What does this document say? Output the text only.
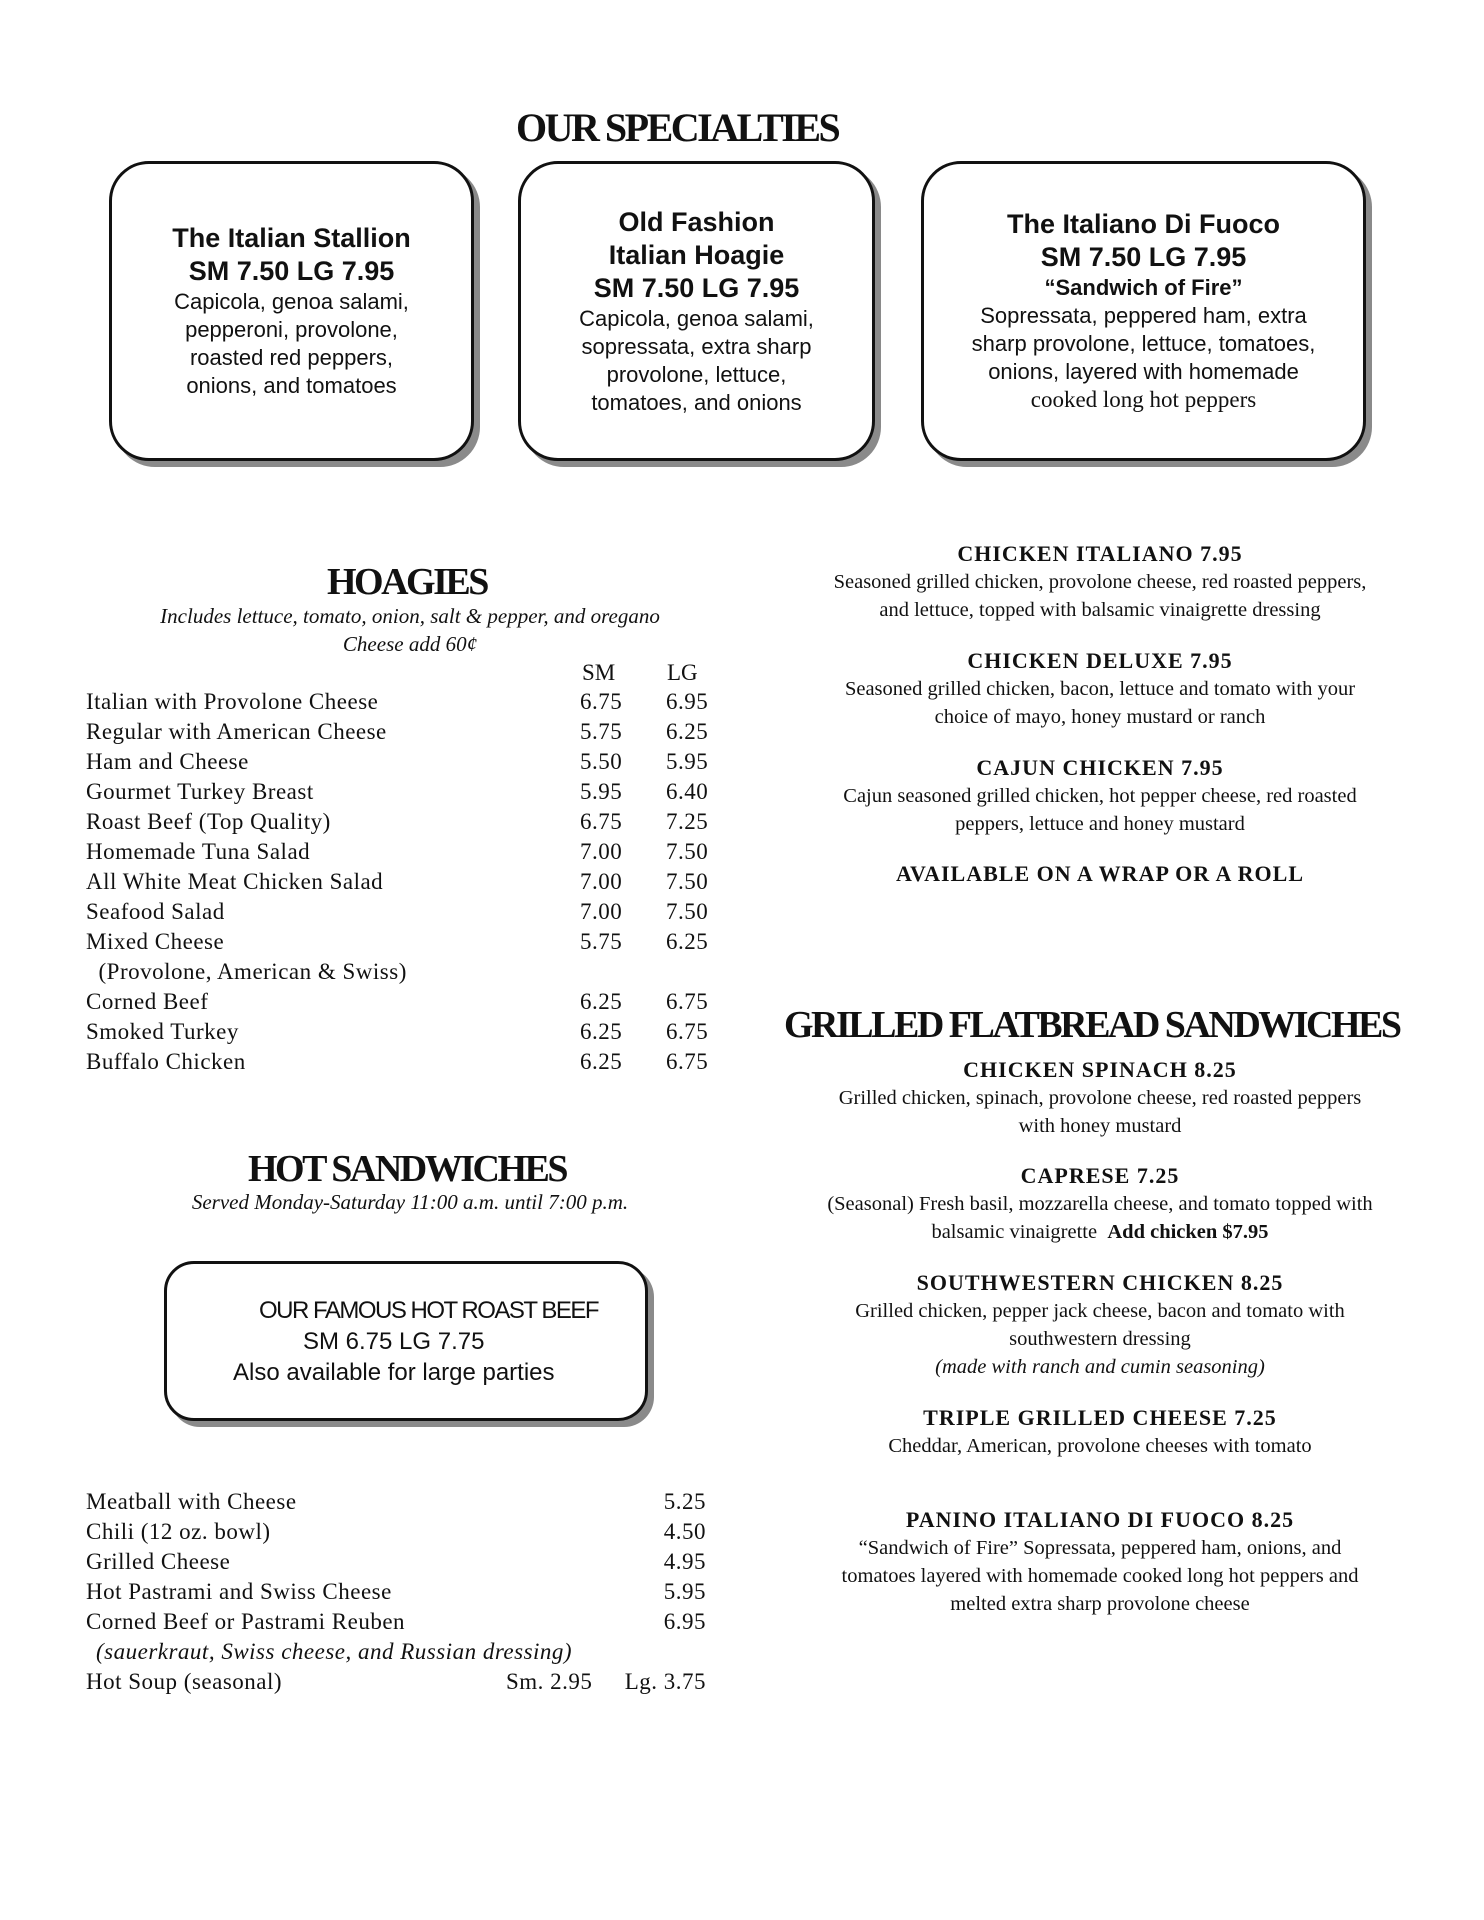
OUR SPECIALTIES
The Italian Stallion
SM 7.50 LG 7.95
Capicola, genoa salami,
pepperoni, provolone,
roasted red peppers,
onions, and tomatoes
Old Fashion
Italian Hoagie
SM 7.50 LG 7.95
Capicola, genoa salami,
sopressata, extra sharp
provolone, lettuce,
tomatoes, and onions
The Italiano Di Fuoco
SM 7.50 LG 7.95
“Sandwich of Fire”
Sopressata, peppered ham, extra
sharp provolone, lettuce, tomatoes,
onions, layered with homemade
cooked long hot peppers
HOAGIES
Includes lettuce, tomato, onion, salt & pepper, and oregano
Cheese add 60¢
SM LG
Italian with Provolone Cheese	6.75 6.95
Regular with American Cheese	5.75 6.25
Ham and Cheese	5.50 5.95
Gourmet Turkey Breast	5.95 6.40
Roast Beef (Top Quality)	6.75 7.25
Homemade Tuna Salad	7.00 7.50
All White Meat Chicken Salad	7.00 7.50
Seafood Salad	7.00 7.50
Mixed Cheese	5.75 6.25
(Provolone, American & Swiss)
Corned Beef	6.25 6.75
Smoked Turkey	6.25 6.75
Buffalo Chicken	6.25 6.75
HOT SANDWICHES
Served Monday-Saturday 11:00 a.m. until 7:00 p.m.
OUR FAMOUS HOT ROAST BEEF
SM 6.75 LG 7.75
Also available for large parties
Meatball with Cheese	5.25
Chili (12 oz. bowl)	4.50
Grilled Cheese	4.95
Hot Pastrami and Swiss Cheese	5.95
Corned Beef or Pastrami Reuben	6.95
(sauerkraut, Swiss cheese, and Russian dressing)
Hot Soup (seasonal)	Sm. 2.95 Lg. 3.75
CHICKEN ITALIANO 7.95
Seasoned grilled chicken, provolone cheese, red roasted peppers,
and lettuce, topped with balsamic vinaigrette dressing
CHICKEN DELUXE 7.95
Seasoned grilled chicken, bacon, lettuce and tomato with your
choice of mayo, honey mustard or ranch
CAJUN CHICKEN 7.95
Cajun seasoned grilled chicken, hot pepper cheese, red roasted
peppers, lettuce and honey mustard
AVAILABLE ON A WRAP OR A ROLL
GRILLED FLATBREAD SANDWICHES
CHICKEN SPINACH 8.25
Grilled chicken, spinach, provolone cheese, red roasted peppers
with honey mustard
CAPRESE 7.25
(Seasonal) Fresh basil, mozzarella cheese, and tomato topped with
balsamic vinaigrette Add chicken $7.95
SOUTHWESTERN CHICKEN 8.25
Grilled chicken, pepper jack cheese, bacon and tomato with
southwestern dressing
(made with ranch and cumin seasoning)
TRIPLE GRILLED CHEESE 7.25
Cheddar, American, provolone cheeses with tomato
PANINO ITALIANO DI FUOCO 8.25
“Sandwich of Fire” Sopressata, peppered ham, onions, and
tomatoes layered with homemade cooked long hot peppers and
melted extra sharp provolone cheese
